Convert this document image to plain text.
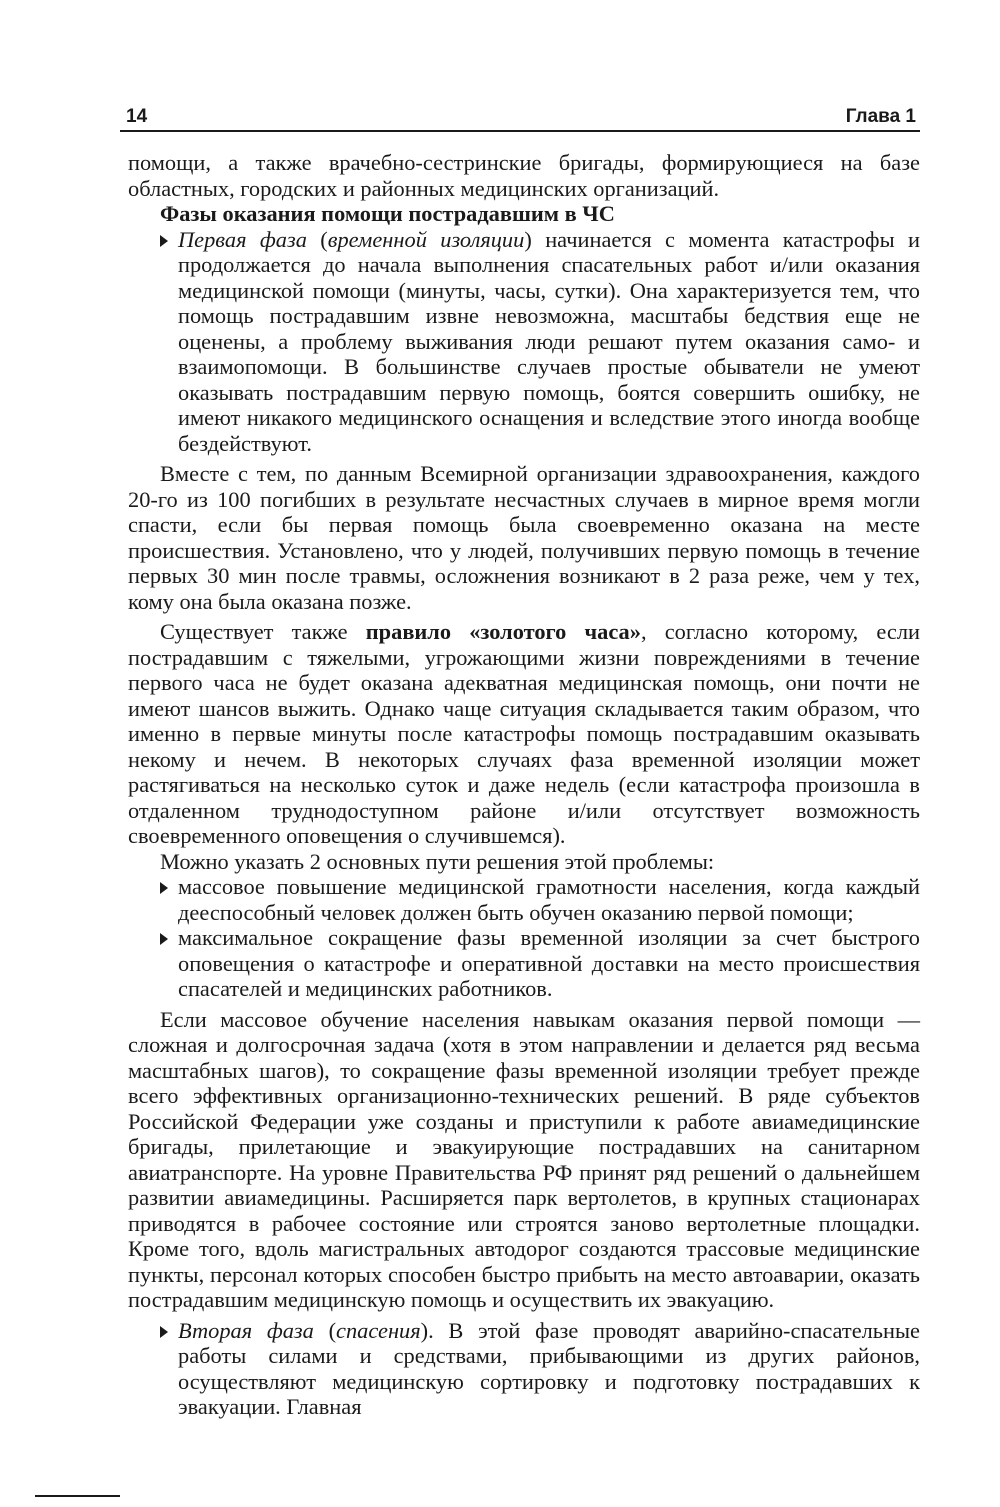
14	Глава 1

помощи, а также врачебно-сестринские бригады, формирующиеся на базе областных, городских и районных медицинских организаций.

Фазы оказания помощи пострадавшим в ЧС

Первая фаза (временной изоляции) начинается с момента катастрофы и продолжается до начала выполнения спасательных работ и/или оказания медицинской помощи (минуты, часы, сутки). Она характеризуется тем, что помощь пострадавшим извне невозможна, масштабы бедствия еще не оценены, а проблему выживания люди решают путем оказания само- и взаимопомощи. В большинстве случаев простые обыватели не умеют оказывать пострадавшим первую помощь, боятся совершить ошибку, не имеют никакого медицинского оснащения и вследствие этого иногда вообще бездействуют.

Вместе с тем, по данным Всемирной организации здравоохранения, каждого 20-го из 100 погибших в результате несчастных случаев в мирное время могли спасти, если бы первая помощь была своевременно оказана на месте происшествия. Установлено, что у людей, получивших первую помощь в течение первых 30 мин после травмы, осложнения возникают в 2 раза реже, чем у тех, кому она была оказана позже.

Существует также правило «золотого часа», согласно которому, если пострадавшим с тяжелыми, угрожающими жизни повреждениями в течение первого часа не будет оказана адекватная медицинская помощь, они почти не имеют шансов выжить. Однако чаще ситуация складывается таким образом, что именно в первые минуты после катастрофы помощь пострадавшим оказывать некому и нечем. В некоторых случаях фаза временной изоляции может растягиваться на несколько суток и даже недель (если катастрофа произошла в отдаленном труднодоступном районе и/или отсутствует возможность своевременного оповещения о случившемся).

Можно указать 2 основных пути решения этой проблемы:

массовое повышение медицинской грамотности населения, когда каждый дееспособный человек должен быть обучен оказанию первой помощи;

максимальное сокращение фазы временной изоляции за счет быстрого оповещения о катастрофе и оперативной доставки на место происшествия спасателей и медицинских работников.

Если массовое обучение населения навыкам оказания первой помощи — сложная и долгосрочная задача (хотя в этом направлении и делается ряд весьма масштабных шагов), то сокращение фазы временной изоляции требует прежде всего эффективных организационно-технических решений. В ряде субъектов Российской Федерации уже созданы и приступили к работе авиамедицинские бригады, прилетающие и эвакуирующие пострадавших на санитарном авиатранспорте. На уровне Правительства РФ принят ряд решений о дальнейшем развитии авиамедицины. Расширяется парк вертолетов, в крупных стационарах приводятся в рабочее состояние или строятся заново вертолетные площадки. Кроме того, вдоль магистральных автодорог создаются трассовые медицинские пункты, персонал которых способен быстро прибыть на место автоаварии, оказать пострадавшим медицинскую помощь и осуществить их эвакуацию.

Вторая фаза (спасения). В этой фазе проводят аварийно-спасательные работы силами и средствами, прибывающими из других районов, осуществляют медицинскую сортировку и подготовку пострадавших к эвакуации. Главная
